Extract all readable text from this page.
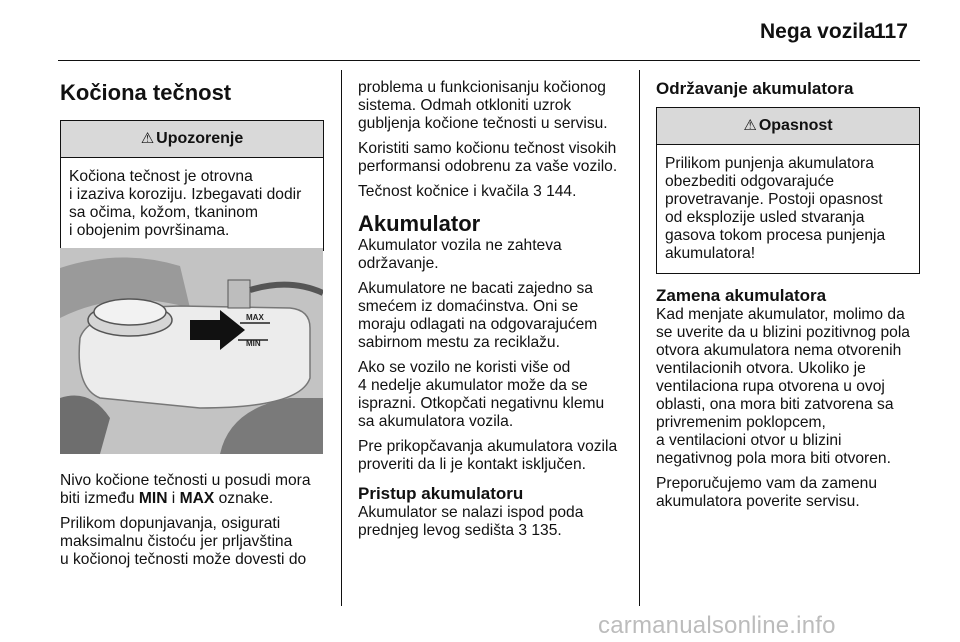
Nega vozila
117
Kočiona tečnost
⚠ Upozorenje
Kočiona tečnost je otrovna
i izaziva koroziju. Izbegavati dodir
sa očima, kožom, tkaninom
i obojenim površinama.
MAX
MIN

Nivo kočione tečnosti u posudi mora
biti između MIN i MAX oznake.

Prilikom dopunjavanja, osigurati
maksimalnu čistoću jer prljavština
u kočionoj tečnosti može dovesti do

problema u funkcionisanju kočionog
sistema. Odmah otkloniti uzrok
gubljenja kočione tečnosti u servisu.

Koristiti samo kočionu tečnost visokih
performansi odobrenu za vaše vozilo.

Tečnost kočnice i kvačila 3 144.

Akumulator

Akumulator vozila ne zahteva
održavanje.

Akumulatore ne bacati zajedno sa
smećem iz domaćinstva. Oni se
moraju odlagati na odgovarajućem
sabirnom mestu za reciklažu.

Ako se vozilo ne koristi više od
4 nedelje akumulator može da se
isprazni. Otkopčati negativnu klemu
sa akumulatora vozila.

Pre prikopčavanja akumulatora vozila
proveriti da li je kontakt isključen.

Pristup akumulatoru

Akumulator se nalazi ispod poda
prednjeg levog sedišta 3 135.

Održavanje akumulatora
⚠ Opasnost
Prilikom punjenja akumulatora
obezbediti odgovarajuće
provetravanje. Postoji opasnost
od eksplozije usled stvaranja
gasova tokom procesa punjenja
akumulatora!
Zamena akumulatora

Kad menjate akumulator, molimo da
se uverite da u blizini pozitivnog pola
otvora akumulatora nema otvorenih
ventilacionih otvora. Ukoliko je
ventilaciona rupa otvorena u ovoj
oblasti, ona mora biti zatvorena sa
privremenim poklopcem,
a ventilacioni otvor u blizini
negativnog pola mora biti otvoren.

Preporučujemo vam da zamenu
akumulatora poverite servisu.

carmanualsonline.info
